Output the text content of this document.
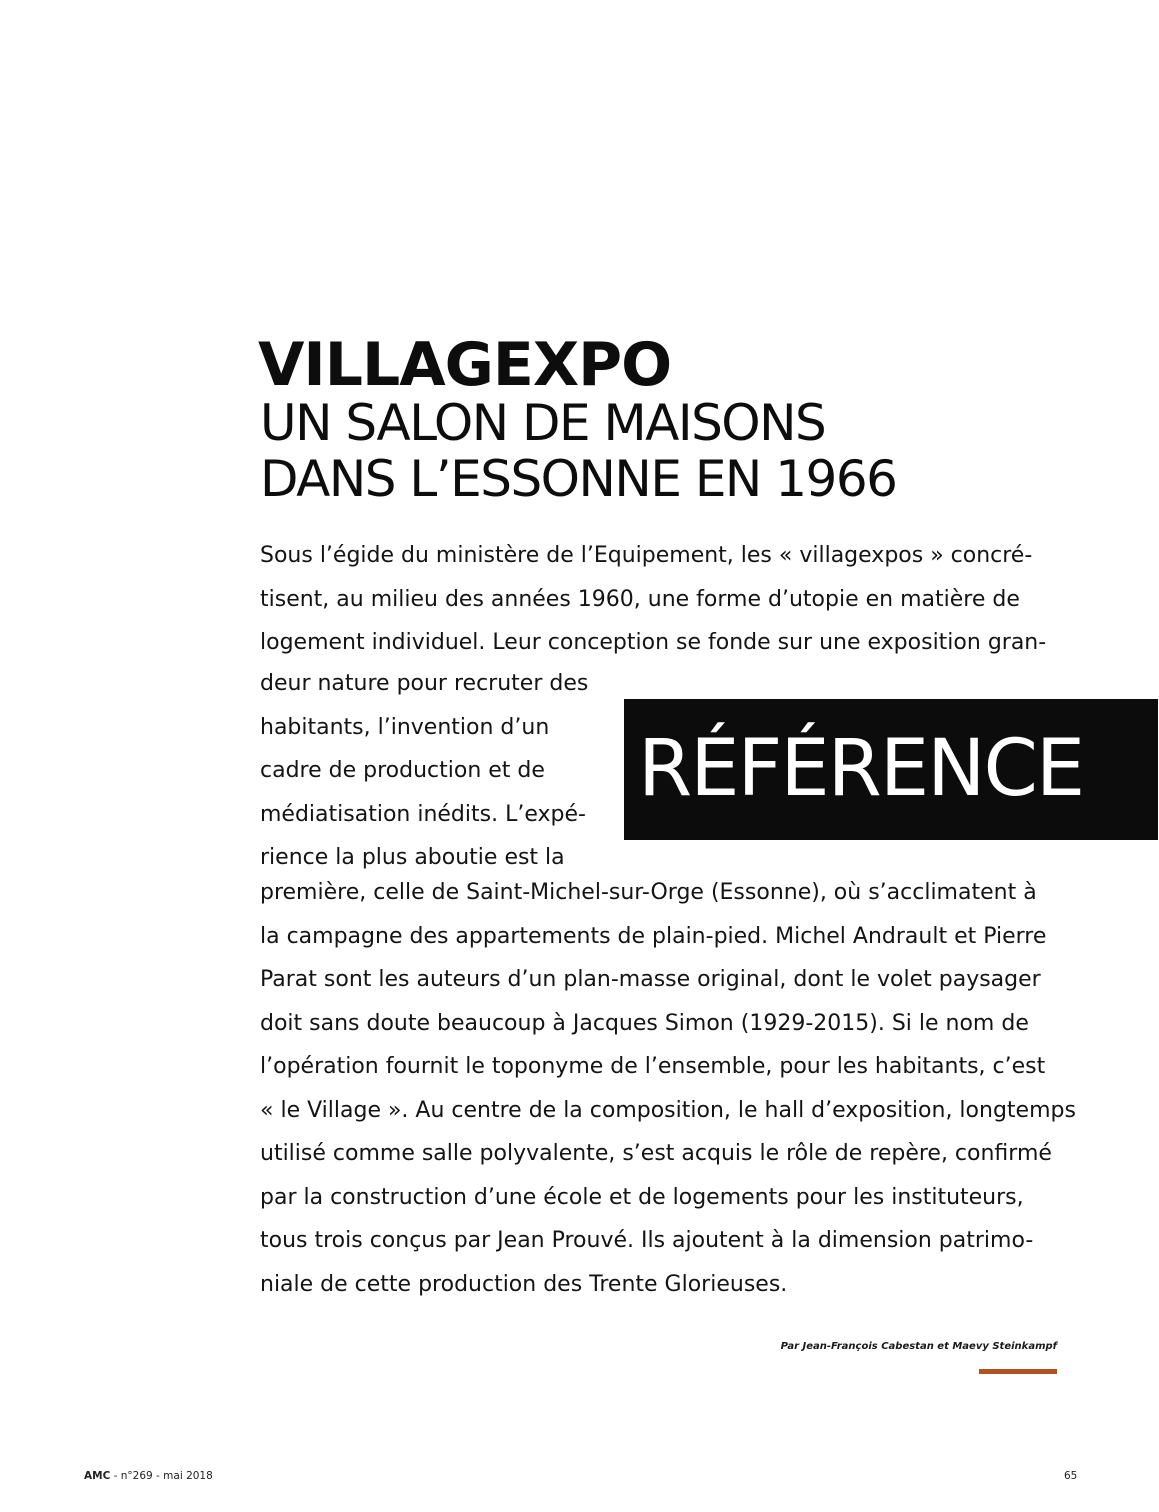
VILLAGEXPO
UN SALON DE MAISONS
DANS L’ESSONNE EN 1966
Sous l’égide du ministère de l’Equipement, les « villagexpos » concré-
tisent, au milieu des années 1960, une forme d’utopie en matière de
logement individuel. Leur conception se fonde sur une exposition gran-
deur nature pour recruter des
habitants, l’invention d’un
cadre de production et de
médiatisation inédits. L’expé-
rience la plus aboutie est la
RÉFÉRENCE
première, celle de Saint-Michel-sur-Orge (Essonne), où s’acclimatent à
la campagne des appartements de plain-pied. Michel Andrault et Pierre
Parat sont les auteurs d’un plan-masse original, dont le volet paysager
doit sans doute beaucoup à Jacques Simon (1929-2015). Si le nom de
l’opération fournit le toponyme de l’ensemble, pour les habitants, c’est
« le Village ». Au centre de la composition, le hall d’exposition, longtemps
utilisé comme salle polyvalente, s’est acquis le rôle de repère, confirmé
par la construction d’une école et de logements pour les instituteurs,
tous trois conçus par Jean Prouvé. Ils ajoutent à la dimension patrimo-
niale de cette production des Trente Glorieuses.
Par Jean-François Cabestan et Maevy Steinkampf
AMC - n°269 - mai 2018	65
